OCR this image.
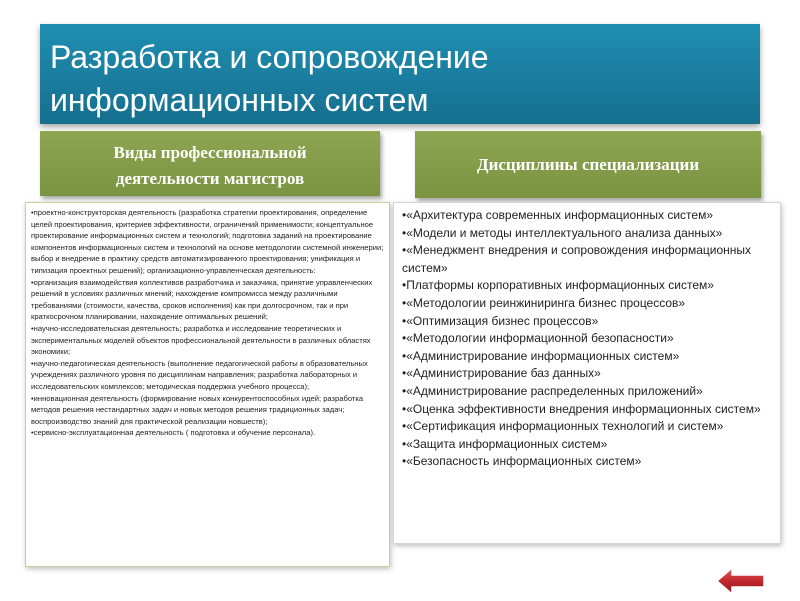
Разработка и сопровождение
информационных систем
Виды профессиональной
деятельности магистров
Дисциплины специализации

•проектно-конструкторская деятельность (разработка стратегии проектирования, определение целей проектирования, критериев эффективности, ограничений применимости; концептуальное проектирование информационных систем и технологий; подготовка заданий на проектирование компонентов информационных систем и технологий на основе методологии системной инженерии; выбор и внедрение в практику средств автоматизированного проектирования; унификация и типизация проектных решений); организационно-управленческая деятельность:

•организация взаимодействия коллективов разработчика и заказчика, принятие управленческих решений в условиях различных мнений; нахождение компромисса между различными требованиями (стоимости, качества, сроков исполнения) как при долгосрочном, так и при краткосрочном планировании, нахождение оптимальных решений;

•научно-исследовательская деятельность; разработка и исследование теоретических и экспериментальных моделей объектов профессиональной деятельности в различных областях экономики;

•научно-педагогическая деятельность (выполнение педагогической работы в образовательных учреждениях различного уровня по дисциплинам направления; разработка лабораторных и исследовательских комплексов; методическая поддержка учебного процесса);

•инновационная деятельность (формирование новых конкурентоспособных идей; разработка методов решения нестандартных задач и новых методов решения традиционных задач; воспроизводство знаний для практической реализации новшеств);

•сервисно-эксплуатационная деятельность ( подготовка и обучение персонала).

•«Архитектура современных информационных систем»

•«Модели и методы интеллектуального анализа данных»

•«Менеджмент внедрения и сопровождения информационных систем»

•Платформы корпоративных информационных систем»

•«Методологии реинжиниринга бизнес процессов»

•«Оптимизация бизнес процессов»

•«Методологии информационной безопасности»

•«Администрирование информационных систем»

•«Администрирование баз данных»

•«Администрирование распределенных приложений»

•«Оценка эффективности внедрения информационных систем»

•«Сертификация информационных технологий и систем»

•«Защита информационных систем»

•«Безопасность информационных систем»
